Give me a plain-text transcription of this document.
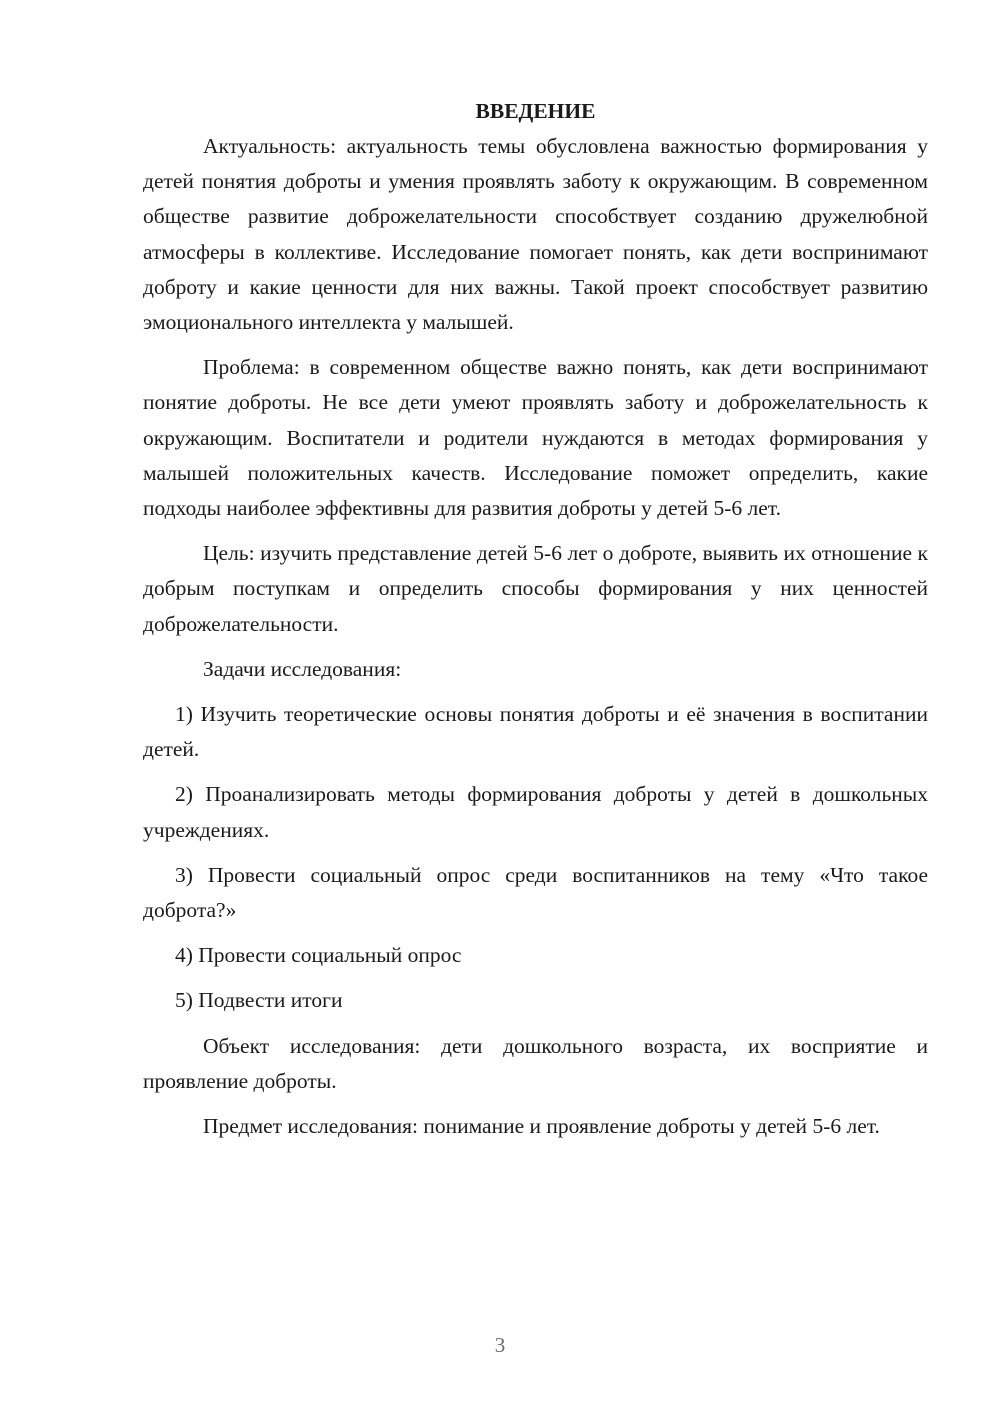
ВВЕДЕНИЕ

Актуальность: актуальность темы обусловлена важностью формирования у детей понятия доброты и умения проявлять заботу к окружающим. В современном обществе развитие доброжелательности способствует созданию дружелюбной атмосферы в коллективе. Исследование помогает понять, как дети воспринимают доброту и какие ценности для них важны. Такой проект способствует развитию эмоционального интеллекта у малышей.

Проблема: в современном обществе важно понять, как дети воспринимают понятие доброты. Не все дети умеют проявлять заботу и доброжелательность к окружающим. Воспитатели и родители нуждаются в методах формирования у малышей положительных качеств. Исследование поможет определить, какие подходы наиболее эффективны для развития доброты у детей 5-6 лет.

Цель: изучить представление детей 5-6 лет о доброте, выявить их отношение к добрым поступкам и определить способы формирования у них ценностей доброжелательности.

Задачи исследования:

1) Изучить теоретические основы понятия доброты и её значения в воспитании детей.

2) Проанализировать методы формирования доброты у детей в дошкольных учреждениях.

3) Провести социальный опрос среди воспитанников на тему «Что такое доброта?»

4) Провести социальный опрос

5) Подвести итоги

Объект исследования: дети дошкольного возраста, их восприятие и проявление доброты.

Предмет исследования: понимание и проявление доброты у детей 5-6 лет.

3
